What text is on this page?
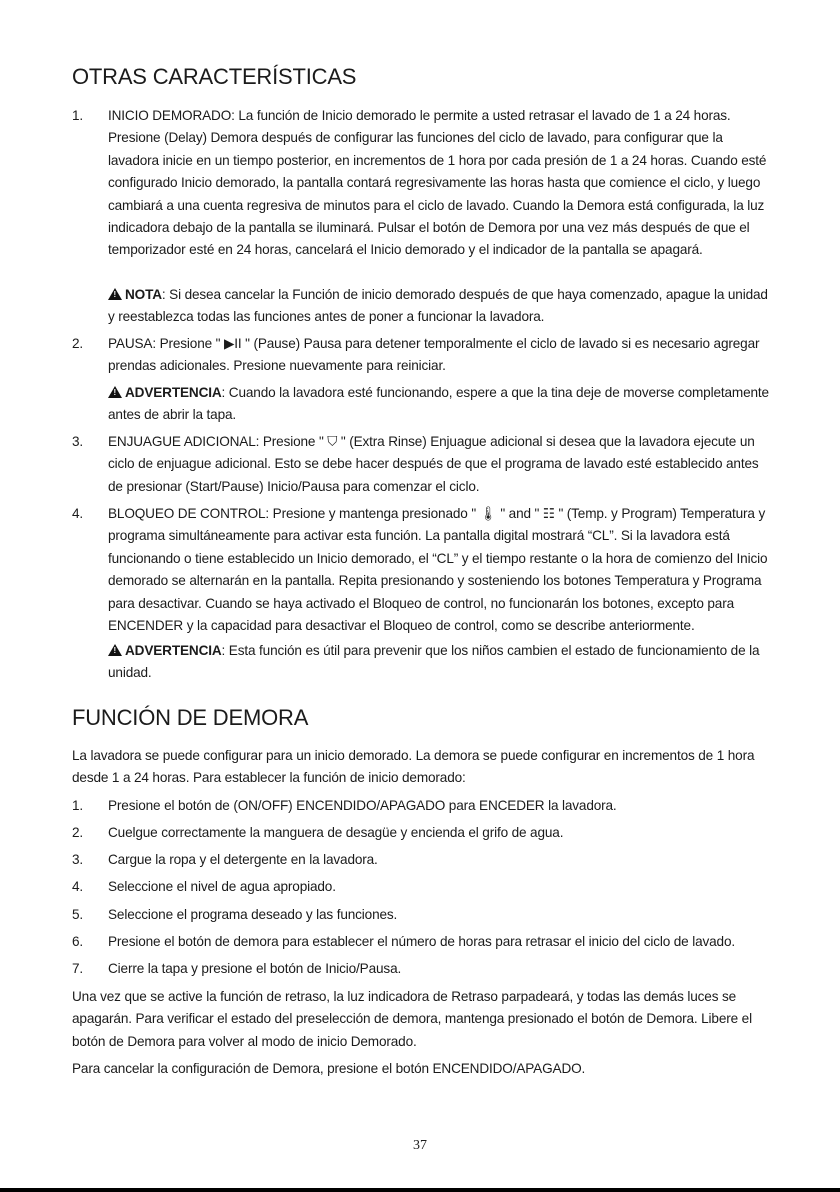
OTRAS CARACTERÍSTICAS
1.	INICIO DEMORADO: La función de Inicio demorado le permite a usted retrasar el lavado de 1 a 24 horas. Presione (Delay) Demora después de configurar las funciones del ciclo de lavado, para configurar que la lavadora inicie en un tiempo posterior, en incrementos de 1 hora por cada presión de 1 a 24 horas. Cuando esté configurado Inicio demorado, la pantalla contará regresivamente las horas hasta que comience el ciclo, y luego cambiará a una cuenta regresiva de minutos para el ciclo de lavado. Cuando la Demora está configurada, la luz indicadora debajo de la pantalla se iluminará. Pulsar el botón de Demora por una vez más después de que el temporizador esté en 24 horas, cancelará el Inicio demorado y el indicador de la pantalla se apagará.
!NOTA: Si desea cancelar la Función de inicio demorado después de que haya comenzado, apague la unidad y reestablezca todas las funciones antes de poner a funcionar la lavadora.
2.	PAUSA: Presione " ▶II " (Pause) Pausa para detener temporalmente el ciclo de lavado si es necesario agregar prendas adicionales. Presione nuevamente para reiniciar.
!ADVERTENCIA: Cuando la lavadora esté funcionando, espere a que la tina deje de moverse completamente antes de abrir la tapa.
3.	ENJUAGUE ADICIONAL: Presione " ⛉ " (Extra Rinse) Enjuague adicional si desea que la lavadora ejecute un ciclo de enjuague adicional. Esto se debe hacer después de que el programa de lavado esté establecido antes de presionar (Start/Pause) Inicio/Pausa para comenzar el ciclo.
4.	BLOQUEO DE CONTROL: Presione y mantenga presionado " 🌡 " and " ☷ " (Temp. y Program) Temperatura y programa simultáneamente para activar esta función. La pantalla digital mostrará “CL”. Si la lavadora está funcionando o tiene establecido un Inicio demorado, el “CL” y el tiempo restante o la hora de comienzo del Inicio demorado se alternarán en la pantalla. Repita presionando y sosteniendo los botones Temperatura y Programa para desactivar. Cuando se haya activado el Bloqueo de control, no funcionarán los botones, excepto para ENCENDER y la capacidad para desactivar el Bloqueo de control, como se describe anteriormente.
!ADVERTENCIA: Esta función es útil para prevenir que los niños cambien el estado de funcionamiento de la unidad.
FUNCIÓN DE DEMORA
La lavadora se puede configurar para un inicio demorado. La demora se puede configurar en incrementos de 1 hora desde 1 a 24 horas. Para establecer la función de inicio demorado:
1.	Presione el botón de (ON/OFF) ENCENDIDO/APAGADO para ENCEDER la lavadora.
2.	Cuelgue correctamente la manguera de desagüe y encienda el grifo de agua.
3.	Cargue la ropa y el detergente en la lavadora.
4.	Seleccione el nivel de agua apropiado.
5.	Seleccione el programa deseado y las funciones.
6.	Presione el botón de demora para establecer el número de horas para retrasar el inicio del ciclo de lavado.
7.	Cierre la tapa y presione el botón de Inicio/Pausa.
Una vez que se active la función de retraso, la luz indicadora de Retraso parpadeará, y todas las demás luces se apagarán. Para verificar el estado del preselección de demora, mantenga presionado el botón de Demora. Libere el botón de Demora para volver al modo de inicio Demorado.
Para cancelar la configuración de Demora, presione el botón ENCENDIDO/APAGADO.
37
